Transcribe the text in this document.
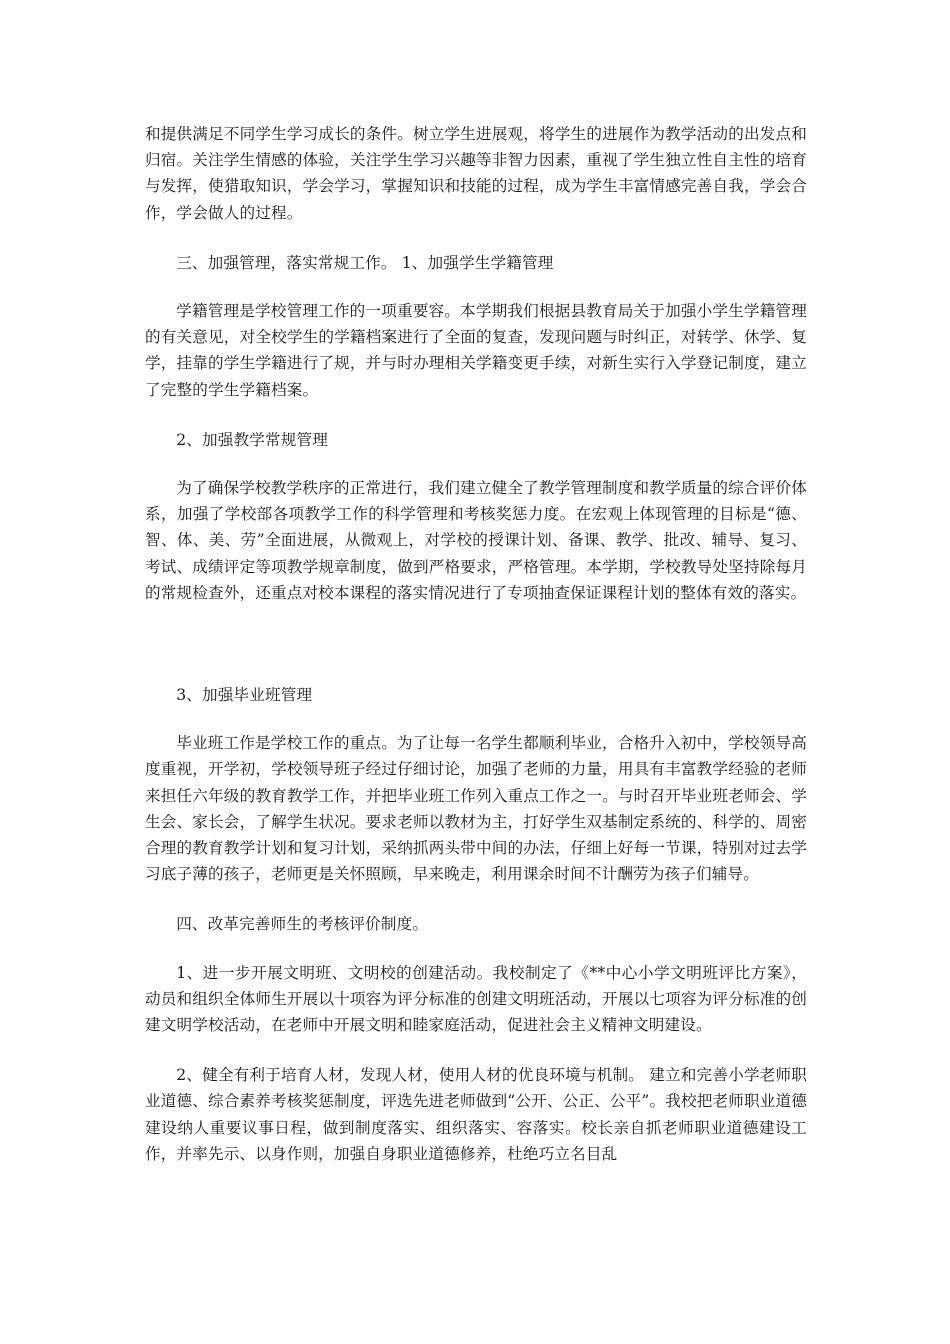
和提供满足不同学生学习成长的条件。树立学生进展观，将学生的进展作为教学活动的出发点和归宿。关注学生情感的体验，关注学生学习兴趣等非智力因素，重视了学生独立性自主性的培育与发挥，使猎取知识，学会学习，掌握知识和技能的过程，成为学生丰富情感完善自我，学会合作，学会做人的过程。

三、加强管理，落实常规工作。 1、加强学生学籍管理

学籍管理是学校管理工作的一项重要容。本学期我们根据县教育局关于加强小学生学籍管理的有关意见，对全校学生的学籍档案进行了全面的复查，发现问题与时纠正，对转学、休学、复学，挂靠的学生学籍进行了规，并与时办理相关学籍变更手续，对新生实行入学登记制度，建立了完整的学生学籍档案。

2、加强教学常规管理

为了确保学校教学秩序的正常进行，我们建立健全了教学管理制度和教学质量的综合评价体系，加强了学校部各项教学工作的科学管理和考核奖惩力度。在宏观上体现管理的目标是“德、智、体、美、劳”全面进展，从微观上，对学校的授课计划、备课、教学、批改、辅导、复习、考试、成绩评定等项教学规章制度，做到严格要求，严格管理。本学期，学校教导处坚持除每月的常规检查外，还重点对校本课程的落实情况进行了专项抽查保证课程计划的整体有效的落实。

3、加强毕业班管理

毕业班工作是学校工作的重点。为了让每一名学生都顺利毕业，合格升入初中，学校领导高度重视，开学初，学校领导班子经过仔细讨论，加强了老师的力量，用具有丰富教学经验的老师来担任六年级的教育教学工作，并把毕业班工作列入重点工作之一。与时召开毕业班老师会、学生会、家长会，了解学生状况。要求老师以教材为主，打好学生双基制定系统的、科学的、周密合理的教育教学计划和复习计划，采纳抓两头带中间的办法，仔细上好每一节课，特别对过去学习底子薄的孩子，老师更是关怀照顾，早来晚走，利用课余时间不计酬劳为孩子们辅导。

四、改革完善师生的考核评价制度。

1、进一步开展文明班、文明校的创建活动。我校制定了《**中心小学文明班评比方案》，动员和组织全体师生开展以十项容为评分标准的创建文明班活动，开展以七项容为评分标准的创建文明学校活动，在老师中开展文明和睦家庭活动，促进社会主义精神文明建设。

2、健全有利于培育人材，发现人材，使用人材的优良环境与机制。 建立和完善小学老师职业道德、综合素养考核奖惩制度，评选先进老师做到“公开、公正、公平”。我校把老师职业道德建设纳人重要议事日程，做到制度落实、组织落实、容落实。校长亲自抓老师职业道德建设工作，并率先示、以身作则，加强自身职业道德修养，杜绝巧立名目乱
